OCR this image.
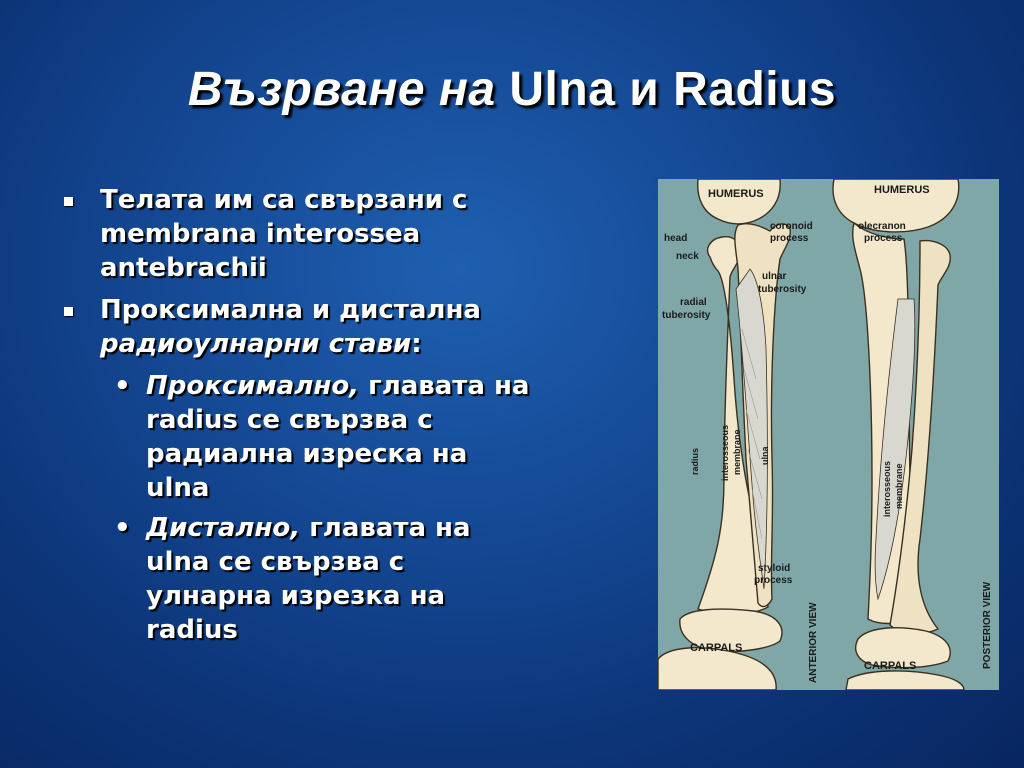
Възрване на Ulna и Radius
Телата им са свързани с membrana interossea antebrachii
Проксимална и дистална радиоулнарни стави:
• Проксимално, главата на radius се свързва с радиална изреска на ulna
• Дистално, главата на ulna се свързва с улнарна изрезка на radius
HUMERUS	HUMERUS
coronoid
process
olecranon
process
head
neck
ulnar
tuberosity
radial
tuberosity
radius interosseous membrane ulna
interosseous membrane
styloid
process
ANTERIOR VIEW	POSTERIOR VIEW
CARPALS
CARPALS
